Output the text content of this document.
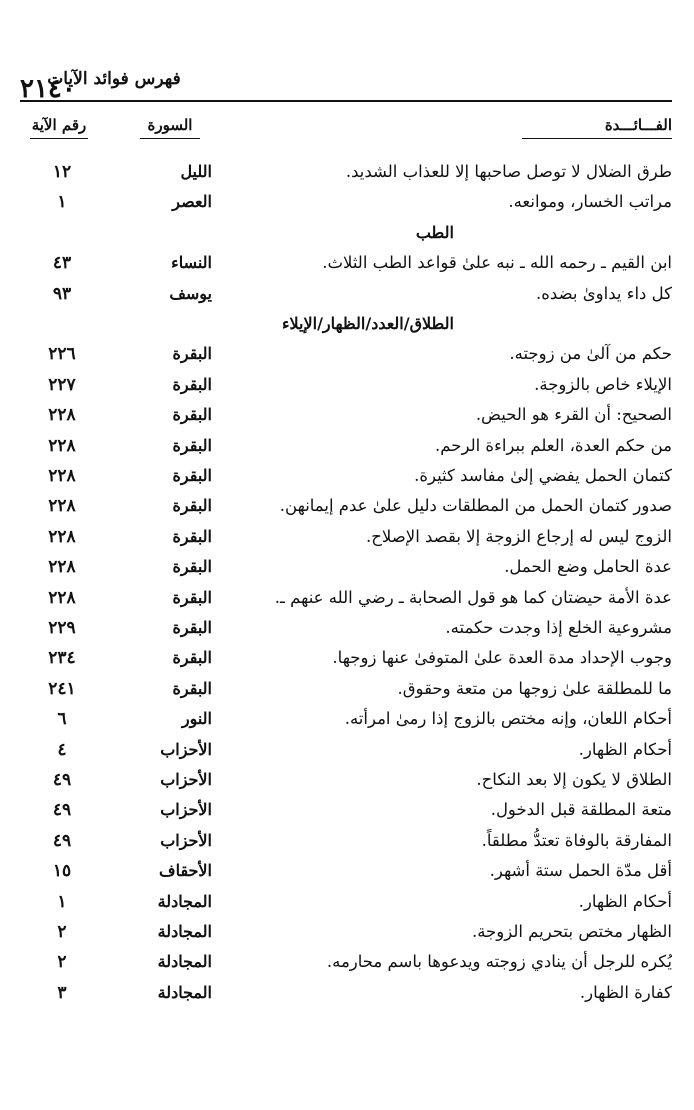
٢١٤٠
فهرس فوائد الآيات
رقم الآية	السورة	الفـــائـــدة
طرق الضلال لا توصل صاحبها إلا للعذاب الشديد.
الليل
١٢
مراتب الخسار، وموانعه.
العصر
١
الطب
ابن القيم ـ رحمه الله ـ نبه علىٰ قواعد الطب الثلاث.
النساء
٤٣
كل داء يداوىٰ بضده.
يوسف
٩٣
الطلاق/العدد/الظهار/الإيلاء
حكم من آلىٰ من زوجته.
البقرة
٢٢٦
الإيلاء خاص بالزوجة.
البقرة
٢٢٧
الصحيح: أن القرء هو الحيض.
البقرة
٢٢٨
من حكم العدة، العلم ببراءة الرحم.
البقرة
٢٢٨
كتمان الحمل يفضي إلىٰ مفاسد كثيرة.
البقرة
٢٢٨
صدور كتمان الحمل من المطلقات دليل علىٰ عدم إيمانهن.
البقرة
٢٢٨
الزوج ليس له إرجاع الزوجة إلا بقصد الإصلاح.
البقرة
٢٢٨
عدة الحامل وضع الحمل.
البقرة
٢٢٨
عدة الأمة حيضتان كما هو قول الصحابة ـ رضي الله عنهم ـ.
البقرة
٢٢٨
مشروعية الخلع إذا وجدت حكمته.
البقرة
٢٢٩
وجوب الإحداد مدة العدة علىٰ المتوفىٰ عنها زوجها.
البقرة
٢٣٤
ما للمطلقة علىٰ زوجها من متعة وحقوق.
البقرة
٢٤١
أحكام اللعان، وإنه مختص بالزوج إذا رمىٰ امرأته.
النور
٦
أحكام الظهار.
الأحزاب
٤
الطلاق لا يكون إلا بعد النكاح.
الأحزاب
٤٩
متعة المطلقة قبل الدخول.
الأحزاب
٤٩
المفارقة بالوفاة تعتدُّ مطلقاً.
الأحزاب
٤٩
أقل مدّة الحمل ستة أشهر.
الأحقاف
١٥
أحكام الظهار.
المجادلة
١
الظهار مختص بتحريم الزوجة.
المجادلة
٢
يُكره للرجل أن ينادي زوجته ويدعوها باسم محارمه.
المجادلة
٢
كفارة الظهار.
المجادلة
٣
